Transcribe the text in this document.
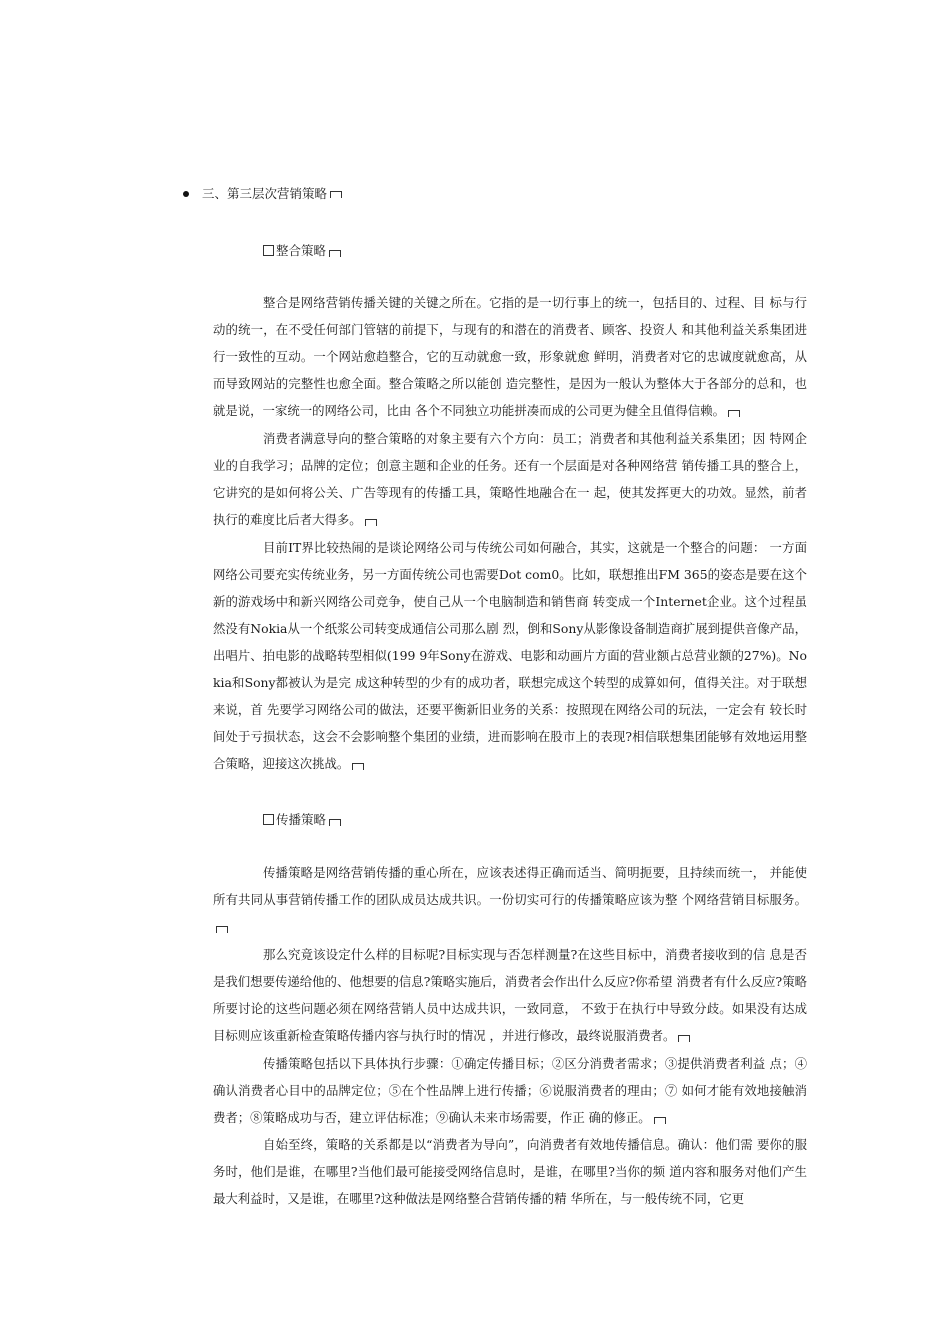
三、第三层次营销策略
整合策略

整合是网络营销传播关键的关键之所在。它指的是一切行事上的统一，包括目的、过程、目 标与行动的统一，在不受任何部门管辖的前提下，与现有的和潜在的消费者、顾客、投资人 和其他利益关系集团进行一致性的互动。一个网站愈趋整合，它的互动就愈一致，形象就愈 鲜明，消费者对它的忠诚度就愈高，从而导致网站的完整性也愈全面。整合策略之所以能创 造完整性，是因为一般认为整体大于各部分的总和，也就是说，一家统一的网络公司，比由 各个不同独立功能拼凑而成的公司更为健全且值得信赖。

消费者满意导向的整合策略的对象主要有六个方向：员工；消费者和其他利益关系集团；因 特网企业的自我学习；品牌的定位；创意主题和企业的任务。还有一个层面是对各种网络营 销传播工具的整合上，它讲究的是如何将公关、广告等现有的传播工具，策略性地融合在一 起，使其发挥更大的功效。显然，前者执行的难度比后者大得多。

目前IT界比较热闹的是谈论网络公司与传统公司如何融合，其实，这就是一个整合的问题： 一方面网络公司要充实传统业务，另一方面传统公司也需要Dot com0。比如，联想推出FM 365的姿态是要在这个新的游戏场中和新兴网络公司竞争，使自己从一个电脑制造和销售商 转变成一个Internet企业。这个过程虽然没有Nokia从一个纸浆公司转变成通信公司那么剧 烈，倒和Sony从影像设备制造商扩展到提供音像产品，出唱片、拍电影的战略转型相似(199 9年Sony在游戏、电影和动画片方面的营业额占总营业额的27%)。Nokia和Sony都被认为是完 成这种转型的少有的成功者，联想完成这个转型的成算如何，值得关注。对于联想来说，首 先要学习网络公司的做法，还要平衡新旧业务的关系：按照现在网络公司的玩法，一定会有 较长时间处于亏损状态，这会不会影响整个集团的业绩，进而影响在股市上的表现?相信联想集团能够有效地运用整合策略，迎接这次挑战。

传播策略

传播策略是网络营销传播的重心所在，应该表述得正确而适当、简明扼要，且持续而统一， 并能使所有共同从事营销传播工作的团队成员达成共识。一份切实可行的传播策略应该为整 个网络营销目标服务。

那么究竟该设定什么样的目标呢?目标实现与否怎样测量?在这些目标中，消费者接收到的信 息是否是我们想要传递给他的、他想要的信息?策略实施后，消费者会作出什么反应?你希望 消费者有什么反应?策略所要讨论的这些问题必须在网络营销人员中达成共识，一致同意， 不致于在执行中导致分歧。如果没有达成目标则应该重新检查策略传播内容与执行时的情况 ，并进行修改，最终说服消费者。

传播策略包括以下具体执行步骤：①确定传播目标；②区分消费者需求；③提供消费者利益 点；④确认消费者心目中的品牌定位；⑤在个性品牌上进行传播；⑥说服消费者的理由；⑦ 如何才能有效地接触消费者；⑧策略成功与否，建立评估标准；⑨确认未来市场需要，作正 确的修正。

自始至终，策略的关系都是以“消费者为导向”，向消费者有效地传播信息。确认：他们需 要你的服务时，他们是谁，在哪里?当他们最可能接受网络信息时，是谁，在哪里?当你的频 道内容和服务对他们产生最大利益时，又是谁，在哪里?这种做法是网络整合营销传播的精 华所在，与一般传统不同，它更
